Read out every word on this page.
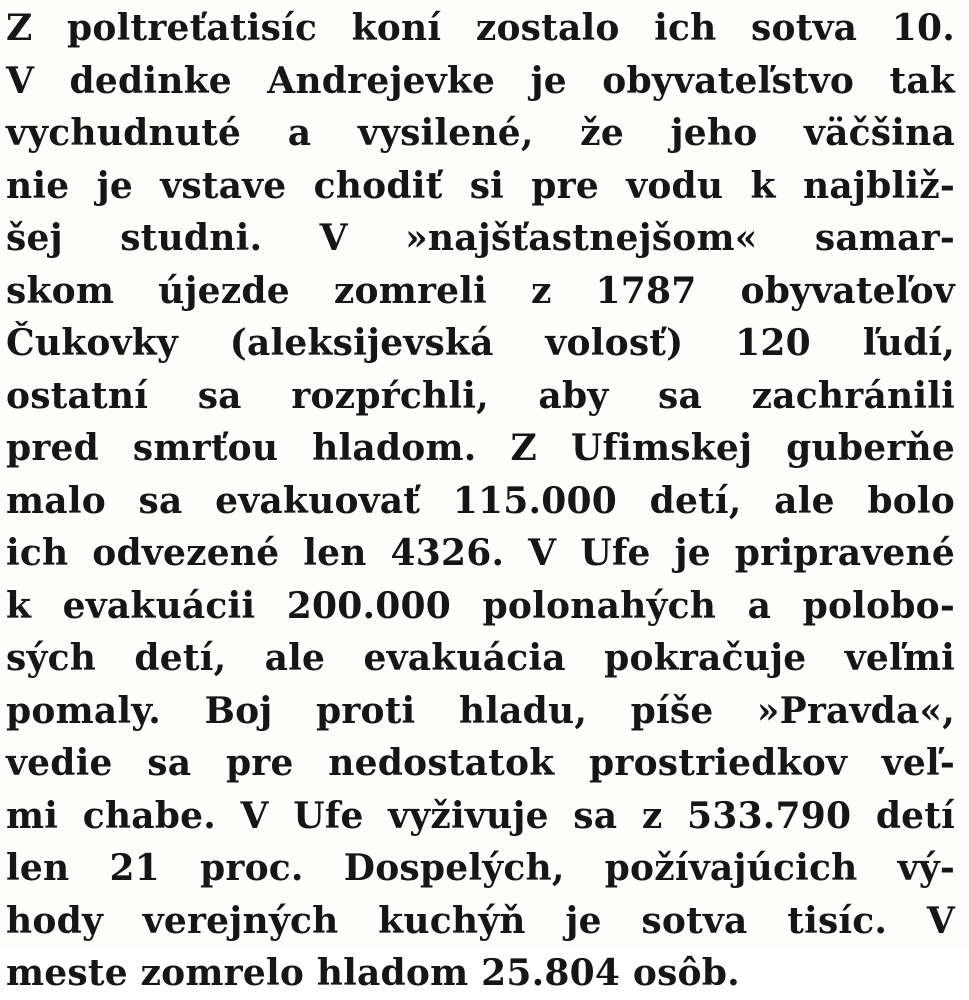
Z poltreťatisíc koní zostalo ich sotva 10.
V dedinke Andrejevke je obyvateľstvo tak
vychudnuté a vysilené, že jeho väčšina
nie je vstave chodiť si pre vodu k najbliž-
šej studni. V »najšťastnejšom« samar-
skom újezde zomreli z 1787 obyvateľov
Čukovky (aleksijevská volosť) 120 ľudí,
ostatní sa rozpŕchli, aby sa zachránili
pred smrťou hladom. Z Ufimskej guberňe
malo sa evakuovať 115.000 detí, ale bolo
ich odvezené len 4326. V Ufe je pripravené
k evakuácii 200.000 polonahých a polobo-
sých detí, ale evakuácia pokračuje veľmi
pomaly. Boj proti hladu, píše »Pravda«,
vedie sa pre nedostatok prostriedkov veľ-
mi chabe. V Ufe vyživuje sa z 533.790 detí
len 21 proc. Dospelých, požívajúcich vý-
hody verejných kuchýň je sotva tisíc. V
meste zomrelo hladom 25.804 osôb.
